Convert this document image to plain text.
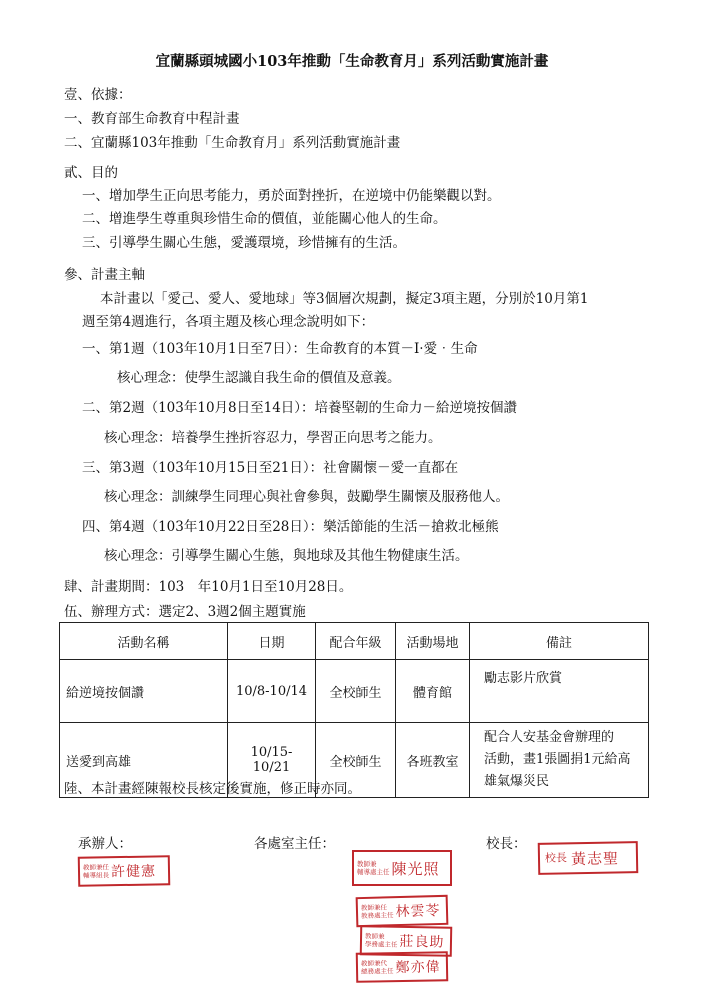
宜蘭縣頭城國小103年推動「生命教育月」系列活動實施計畫
壹、依據：
一、教育部生命教育中程計畫
二、宜蘭縣103年推動「生命教育月」系列活動實施計畫
貳、目的
一、增加學生正向思考能力，勇於面對挫折，在逆境中仍能樂觀以對。
二、增進學生尊重與珍惜生命的價值，並能關心他人的生命。
三、引導學生關心生態，愛護環境，珍惜擁有的生活。
參、計畫主軸
本計畫以「愛己、愛人、愛地球」等3個層次規劃，擬定3項主題，分別於10月第1
週至第4週進行，各項主題及核心理念說明如下：
一、第1週（103年10月1日至7日）：生命教育的本質－I‧愛‧生命
核心理念：使學生認識自我生命的價值及意義。
二、第2週（103年10月8日至14日）：培養堅韌的生命力－給逆境按個讚
核心理念：培養學生挫折容忍力，學習正向思考之能力。
三、第3週（103年10月15日至21日）：社會關懷－愛一直都在
核心理念：訓練學生同理心與社會參與，鼓勵學生關懷及服務他人。
四、第4週（103年10月22日至28日）：樂活節能的生活－搶救北極熊
核心理念：引導學生關心生態，與地球及其他生物健康生活。
肆、計畫期間：103　年10月1日至10月28日。
伍、辦理方式：選定2、3週2個主題實施
活動名稱	日期	配合年級	活動場地	備註
給逆境按個讚	10/8-10/14	全校師生	體育館	勵志影片欣賞

送愛到高雄	10/15-10/21	全校師生	各班教室	配合人安基金會辦理的
活動，畫1張圖捐1元給高
雄氣爆災民
陸、本計畫經陳報校長核定後實施，修正時亦同。
承辦人：	各處室主任：	校長：
教師兼任
輔導組長 許健憲	教師兼
輔導處主任 陳光照
教師兼任
教務處主任 林雲苓
教師兼
學務處主任 莊良助
教師兼代
總務處主任 鄭亦偉
校長 黃志聖
